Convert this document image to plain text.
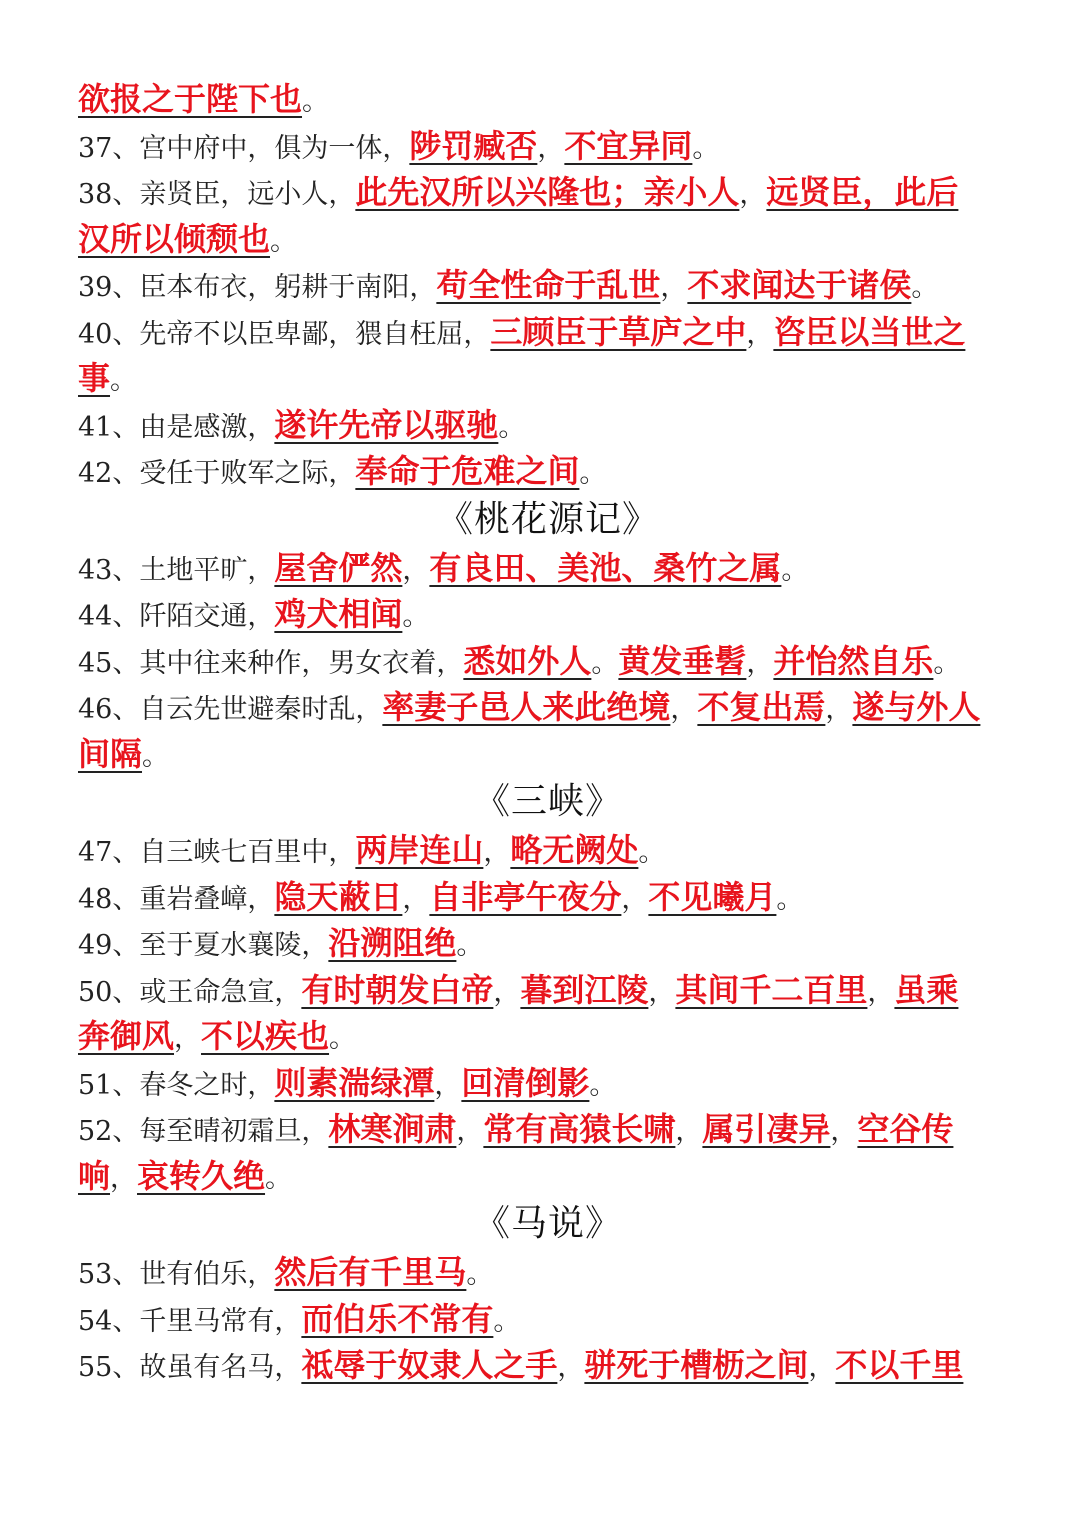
欲报之于陛下也。
37、宫中府中，俱为一体，陟罚臧否，不宜异同。
38、亲贤臣，远小人，此先汉所以兴隆也；亲小人，远贤臣，此后
汉所以倾颓也。
39、臣本布衣，躬耕于南阳，苟全性命于乱世，不求闻达于诸侯。
40、先帝不以臣卑鄙，猥自枉屈，三顾臣于草庐之中，咨臣以当世之
事。
41、由是感激，遂许先帝以驱驰。
42、受任于败军之际，奉命于危难之间。
《桃花源记》
43、土地平旷，屋舍俨然，有良田、美池、桑竹之属。
44、阡陌交通，鸡犬相闻。
45、其中往来种作，男女衣着，悉如外人。黄发垂髫，并怡然自乐。
46、自云先世避秦时乱，率妻子邑人来此绝境，不复出焉，遂与外人
间隔。
《三峡》
47、自三峡七百里中，两岸连山，略无阙处。
48、重岩叠嶂，隐天蔽日，自非亭午夜分，不见曦月。
49、至于夏水襄陵，沿溯阻绝。
50、或王命急宣，有时朝发白帝，暮到江陵，其间千二百里，虽乘
奔御风，不以疾也。
51、春冬之时，则素湍绿潭，回清倒影。
52、每至晴初霜旦，林寒涧肃，常有高猿长啸，属引凄异，空谷传
响，哀转久绝。
《马说》
53、世有伯乐，然后有千里马。
54、千里马常有，而伯乐不常有。
55、故虽有名马，祗辱于奴隶人之手，骈死于槽枥之间，不以千里
